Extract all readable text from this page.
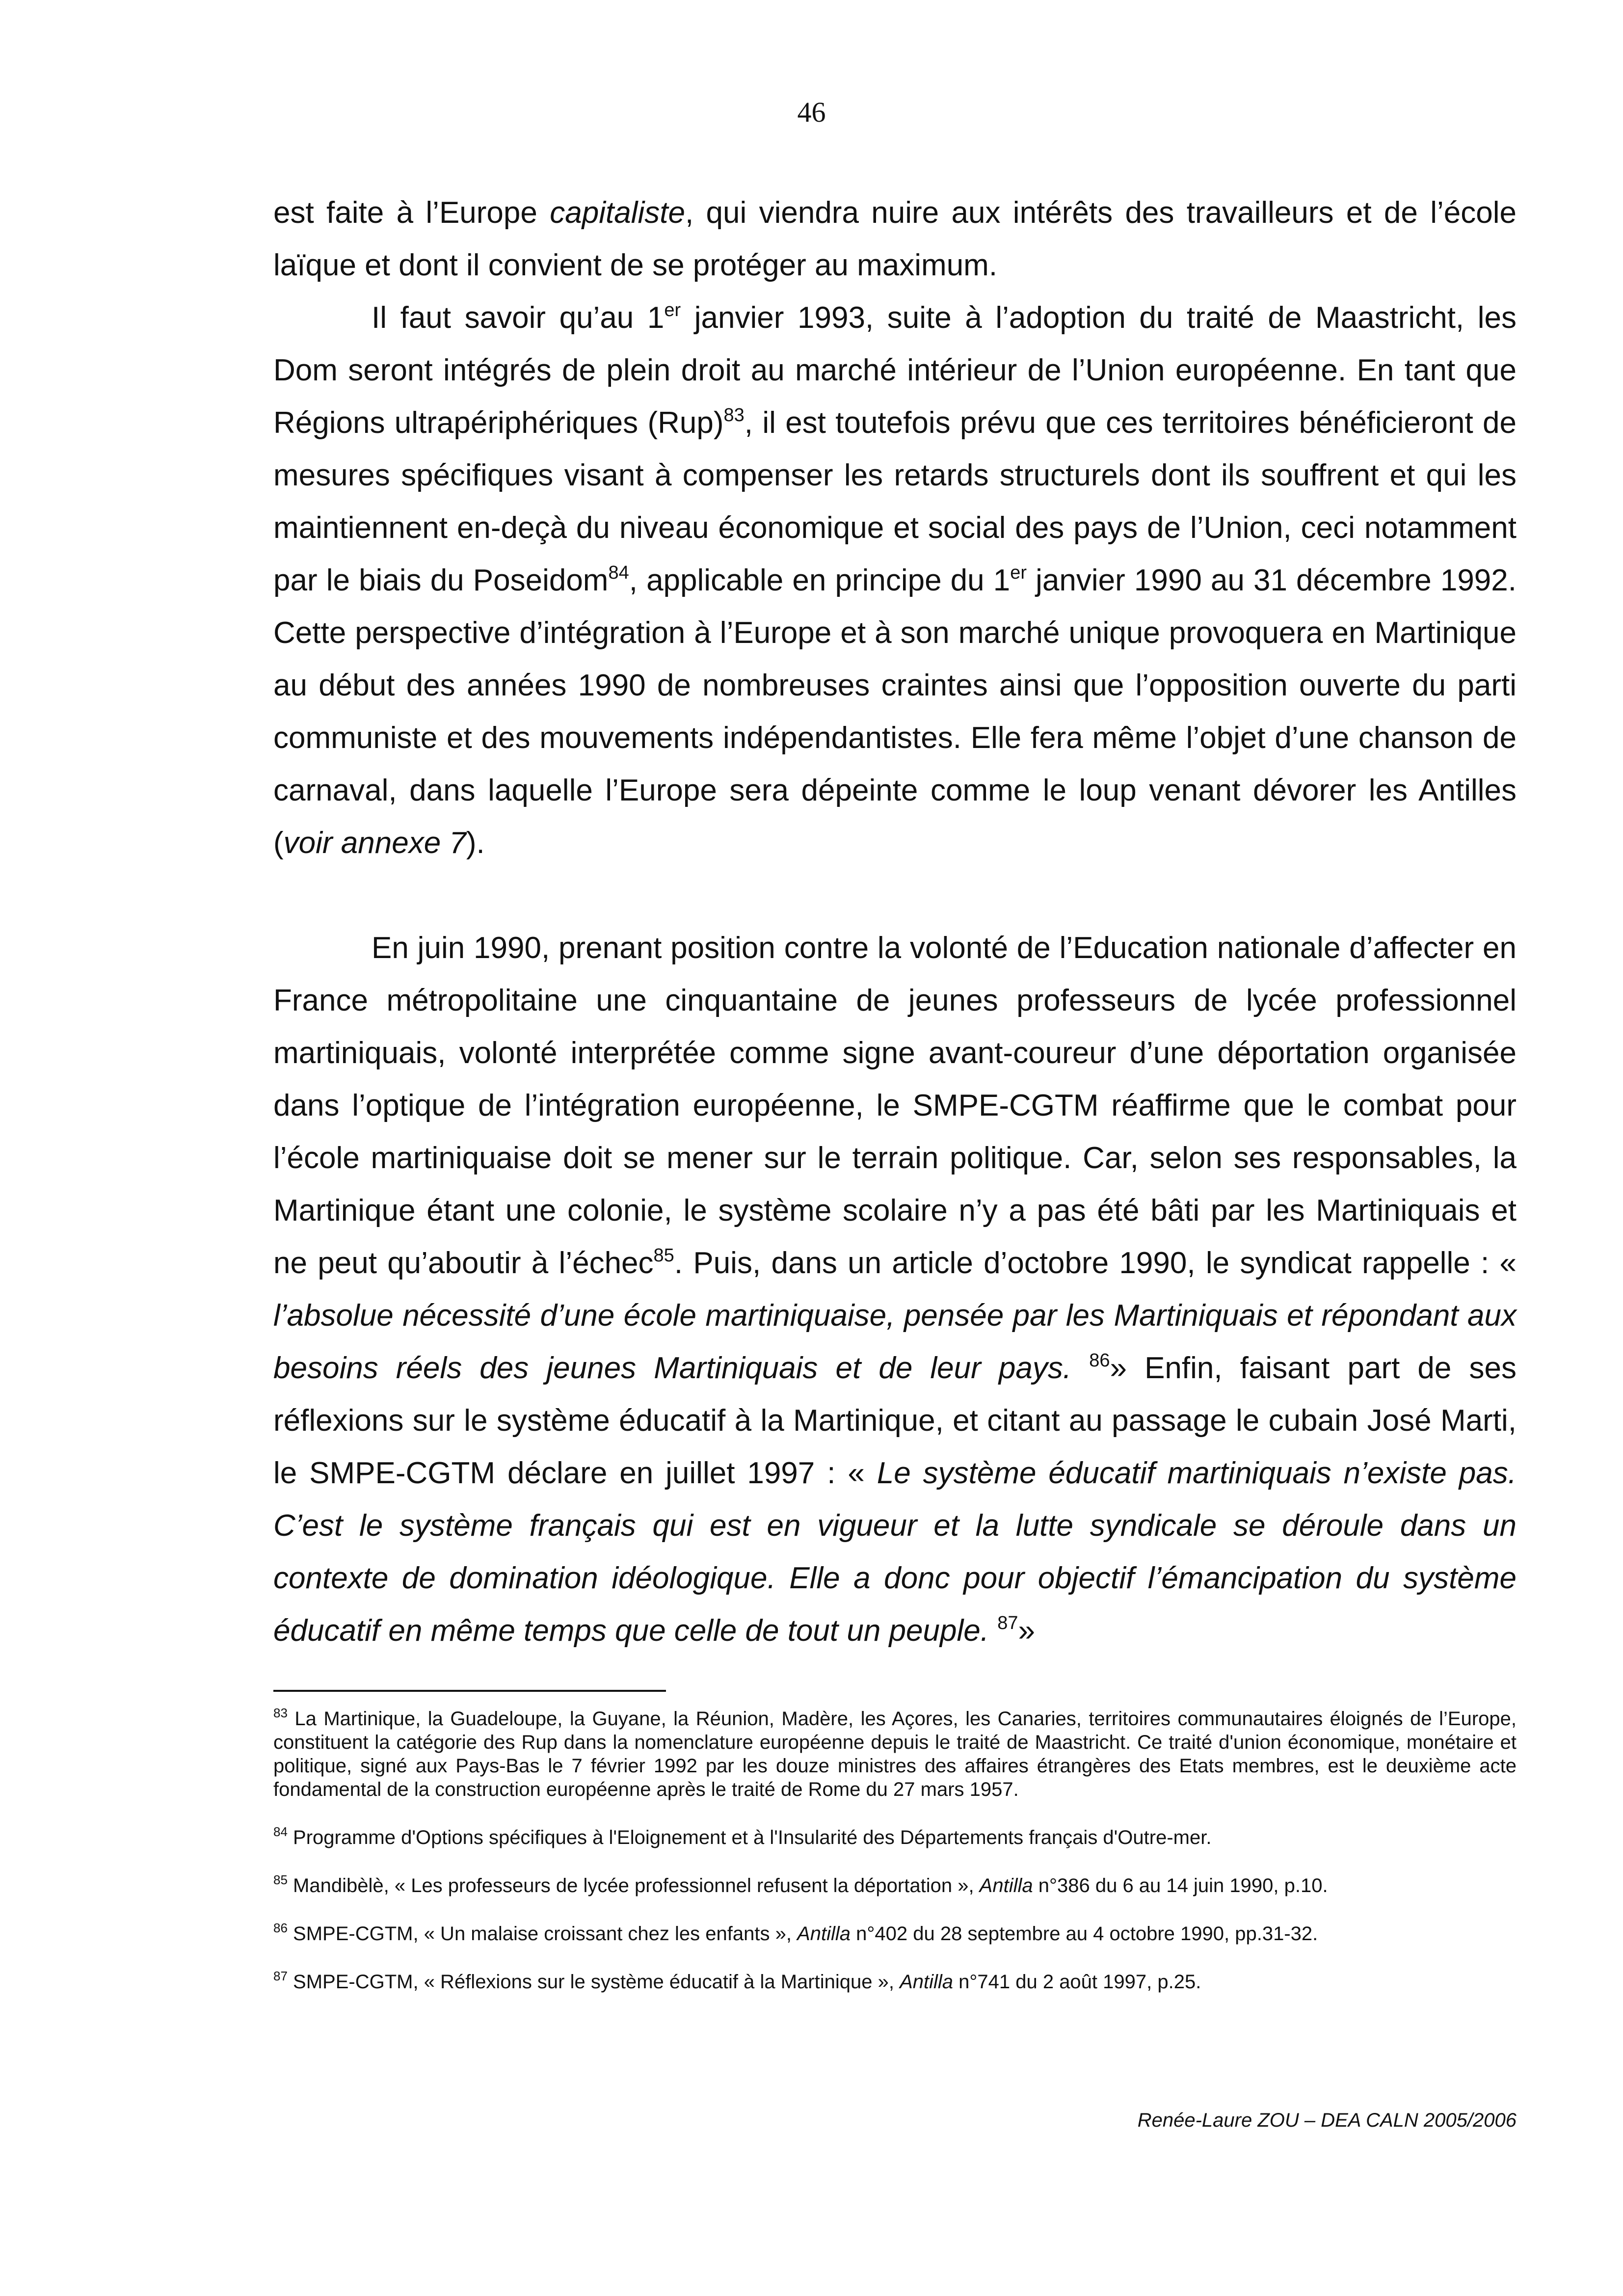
46

est faite à l’Europe capitaliste, qui viendra nuire aux intérêts des travailleurs et de l’école laïque et dont il convient de se protéger au maximum.

Il faut savoir qu’au 1er janvier 1993, suite à l’adoption du traité de Maastricht, les Dom seront intégrés de plein droit au marché intérieur de l’Union européenne. En tant que Régions ultrapériphériques (Rup)$^{83}$, il est toutefois prévu que ces territoires bénéficieront de mesures spécifiques visant à compenser les retards structurels dont ils souffrent et qui les maintiennent en-deçà du niveau économique et social des pays de l’Union, ceci notamment par le biais du Poseidom$^{84}$, applicable en principe du 1er janvier 1990 au 31 décembre 1992. Cette perspective d’intégration à l’Europe et à son marché unique provoquera en Martinique au début des années 1990 de nombreuses craintes ainsi que l’opposition ouverte du parti communiste et des mouvements indépendantistes. Elle fera même l’objet d’une chanson de carnaval, dans laquelle l’Europe sera dépeinte comme le loup venant dévorer les Antilles (voir annexe 7).

En juin 1990, prenant position contre la volonté de l’Education nationale d’affecter en France métropolitaine une cinquantaine de jeunes professeurs de lycée professionnel martiniquais, volonté interprétée comme signe avant-coureur d’une déportation organisée dans l’optique de l’intégration européenne, le SMPE-CGTM réaffirme que le combat pour l’école martiniquaise doit se mener sur le terrain politique. Car, selon ses responsables, la Martinique étant une colonie, le système scolaire n’y a pas été bâti par les Martiniquais et ne peut qu’aboutir à l’échec$^{85}$. Puis, dans un article d’octobre 1990, le syndicat rappelle : « l’absolue nécessité d’une école martiniquaise, pensée par les Martiniquais et répondant aux besoins réels des jeunes Martiniquais et de leur pays. $^{86}$» Enfin, faisant part de ses réflexions sur le système éducatif à la Martinique, et citant au passage le cubain José Marti, le SMPE-CGTM déclare en juillet 1997 : « Le système éducatif martiniquais n’existe pas. C’est le système français qui est en vigueur et la lutte syndicale se déroule dans un contexte de domination idéologique. Elle a donc pour objectif l’émancipation du système éducatif en même temps que celle de tout un peuple. $^{87}$»

$^{83}$ La Martinique, la Guadeloupe, la Guyane, la Réunion, Madère, les Açores, les Canaries, territoires communautaires éloignés de l’Europe, constituent la catégorie des Rup dans la nomenclature européenne depuis le traité de Maastricht. Ce traité d'union économique, monétaire et politique, signé aux Pays-Bas le 7 février 1992 par les douze ministres des affaires étrangères des Etats membres, est le deuxième acte fondamental de la construction européenne après le traité de Rome du 27 mars 1957.

$^{84}$ Programme d'Options spécifiques à l'Eloignement et à l'Insularité des Départements français d'Outre-mer.

$^{85}$ Mandibèlè, « Les professeurs de lycée professionnel refusent la déportation », Antilla n°386 du 6 au 14 juin 1990, p.10.

$^{86}$ SMPE-CGTM, « Un malaise croissant chez les enfants », Antilla n°402 du 28 septembre au 4 octobre 1990, pp.31-32.

$^{87}$ SMPE-CGTM, « Réflexions sur le système éducatif à la Martinique », Antilla n°741 du 2 août 1997, p.25.

Renée-Laure ZOU – DEA CALN 2005/2006
